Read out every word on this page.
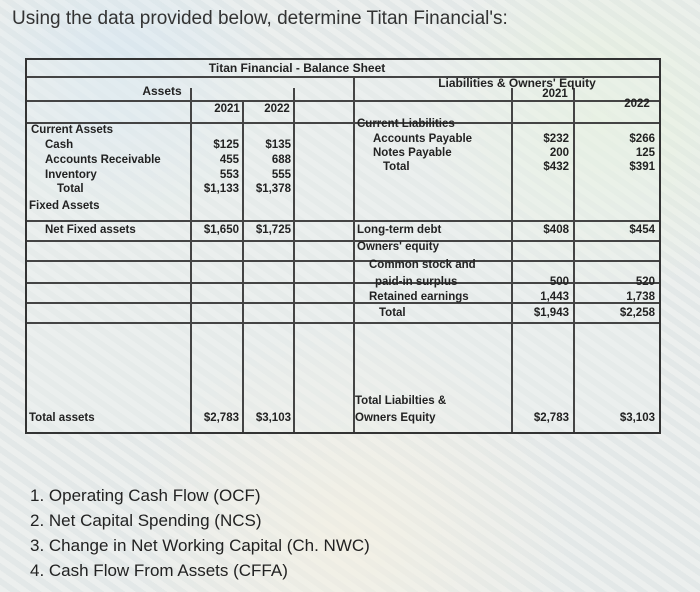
Using the data provided below, determine Titan Financial's:
Titan Financial - Balance Sheet
Assets
Liabilities & Owners' Equity
2021	2022
2021
2022
Current Assets
Cash	$125	$135
Accounts Receivable	455	688
Inventory	553	555
Total	$1,133	$1,378
Fixed Assets
Net Fixed assets	$1,650	$1,725
Total assets	$2,783	$3,103
Current Liabilities
Accounts Payable	$232	$266
Notes Payable	200	125
Total	$432	$391
Long-term debt	$408	$454
Owners' equity
Common stock and
paid-in surplus	500	520
Retained earnings	1,443	1,738
Total	$1,943	$2,258
Total Liabilties &
Owners Equity	$2,783	$3,103
1. Operating Cash Flow (OCF)
2. Net Capital Spending (NCS)
3. Change in Net Working Capital (Ch. NWC)
4. Cash Flow From Assets (CFFA)
